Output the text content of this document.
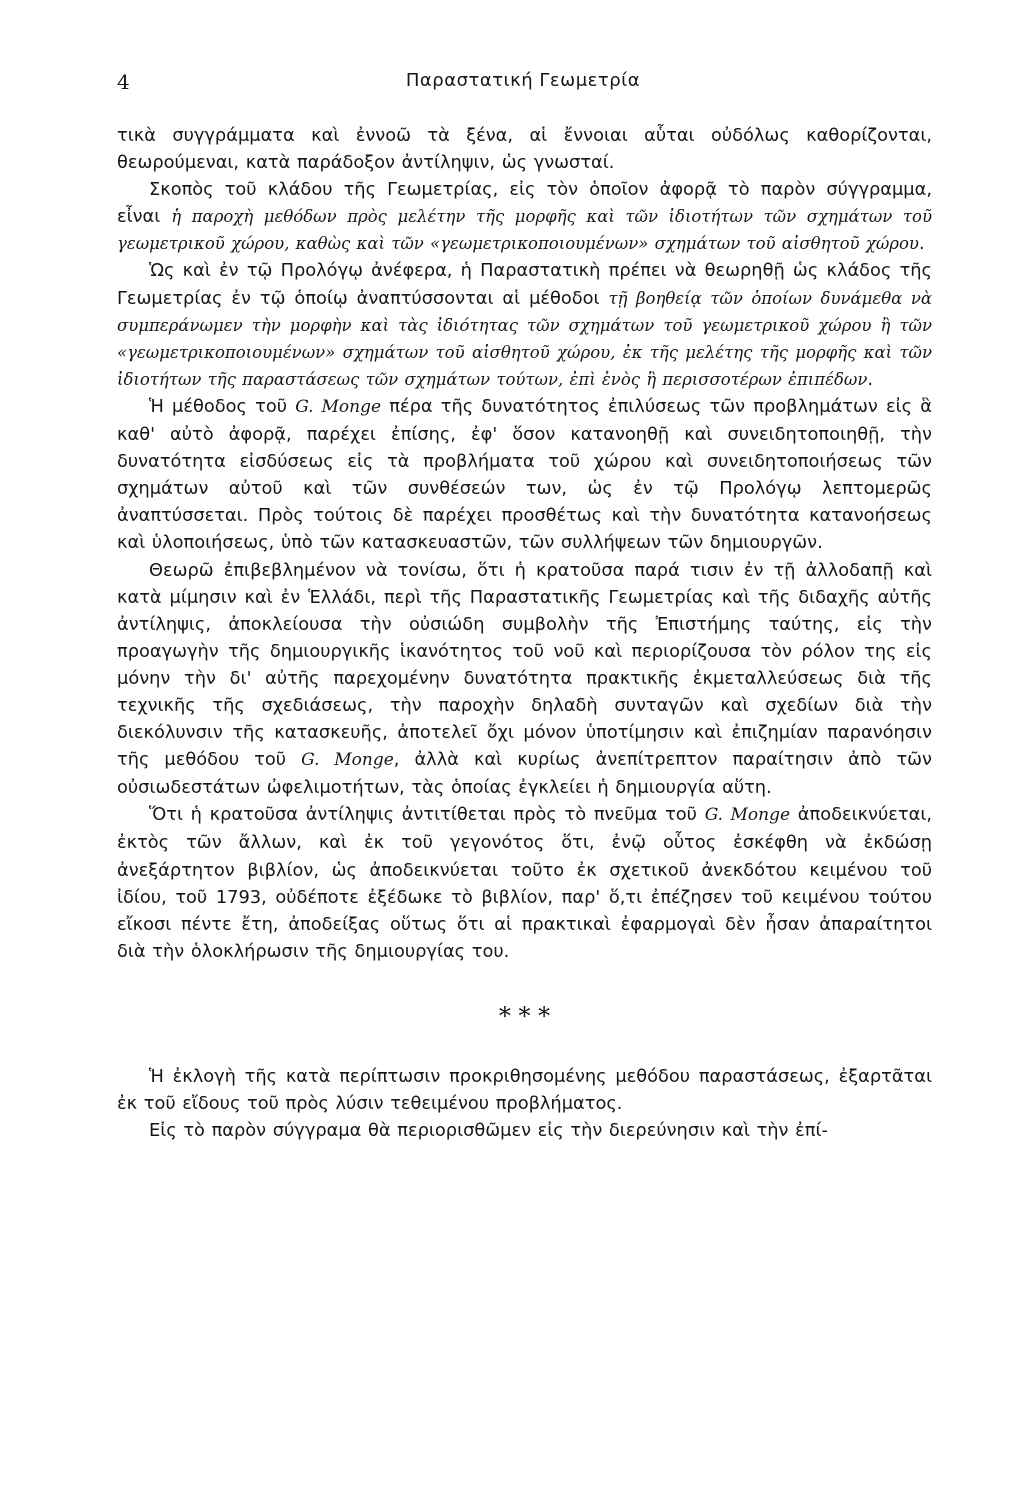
4	Παραστατική Γεωμετρία

τικὰ συγγράμματα καὶ ἐννοῶ τὰ ξένα, αἱ ἔννοιαι αὗται οὐδόλως καθορίζονται, θεωρούμεναι, κατὰ παράδοξον ἀντίληψιν, ὡς γνωσταί.

Σκοπὸς τοῦ κλάδου τῆς Γεωμετρίας, εἰς τὸν ὁποῖον ἀφορᾷ τὸ παρὸν σύγγραμμα, εἶναι ἡ παροχὴ μεθόδων πρὸς μελέτην τῆς μορφῆς καὶ τῶν ἰδιοτήτων τῶν σχημάτων τοῦ γεωμετρικοῦ χώρου, καθὼς καὶ τῶν «γεωμετρικοποιουμένων» σχημάτων τοῦ αἰσθητοῦ χώρου.

Ὡς καὶ ἐν τῷ Προλόγῳ ἀνέφερα, ἡ Παραστατικὴ πρέπει νὰ θεωρηθῇ ὡς κλάδος τῆς Γεωμετρίας ἐν τῷ ὁποίῳ ἀναπτύσσονται αἱ μέθοδοι τῇ βοηθείᾳ τῶν ὁποίων δυνάμεθα νὰ συμπεράνωμεν τὴν μορφὴν καὶ τὰς ἰδιότητας τῶν σχημάτων τοῦ γεωμετρικοῦ χώρου ἢ τῶν «γεωμετρικοποιουμένων» σχημάτων τοῦ αἰσθητοῦ χώρου, ἐκ τῆς μελέτης τῆς μορφῆς καὶ τῶν ἰδιοτήτων τῆς παραστάσεως τῶν σχημάτων τούτων, ἐπὶ ἑνὸς ἢ περισσοτέρων ἐπιπέδων.

Ἡ μέθοδος τοῦ G. Monge πέρα τῆς δυνατότητος ἐπιλύσεως τῶν προβλημάτων εἰς ἃ καθ' αὐτὸ ἀφορᾷ, παρέχει ἐπίσης, ἐφ' ὅσον κατανοηθῇ καὶ συνειδητοποιηθῇ, τὴν δυνατότητα εἰσδύσεως εἰς τὰ προβλήματα τοῦ χώρου καὶ συνειδητοποιήσεως τῶν σχημάτων αὐτοῦ καὶ τῶν συνθέσεών των, ὡς ἐν τῷ Προλόγῳ λεπτομερῶς ἀναπτύσσεται. Πρὸς τούτοις δὲ παρέχει προσθέτως καὶ τὴν δυνατότητα κατανοήσεως καὶ ὑλοποιήσεως, ὑπὸ τῶν κατασκευαστῶν, τῶν συλλήψεων τῶν δημιουργῶν.

Θεωρῶ ἐπιβεβλημένον νὰ τονίσω, ὅτι ἡ κρατοῦσα παρά τισιν ἐν τῇ ἀλλοδαπῇ καὶ κατὰ μίμησιν καὶ ἐν Ἑλλάδι, περὶ τῆς Παραστατικῆς Γεωμετρίας καὶ τῆς διδαχῆς αὐτῆς ἀντίληψις, ἀποκλείουσα τὴν οὐσιώδη συμβολὴν τῆς Ἐπιστήμης ταύτης, εἰς τὴν προαγωγὴν τῆς δημιουργικῆς ἱκανότητος τοῦ νοῦ καὶ περιορίζουσα τὸν ρόλον της εἰς μόνην τὴν δι' αὐτῆς παρεχομένην δυνατότητα πρακτικῆς ἐκμεταλλεύσεως διὰ τῆς τεχνικῆς τῆς σχεδιάσεως, τὴν παροχὴν δηλαδὴ συνταγῶν καὶ σχεδίων διὰ τὴν διεκόλυνσιν τῆς κατασκευῆς, ἀποτελεῖ ὄχι μόνον ὑποτίμησιν καὶ ἐπιζημίαν παρανόησιν τῆς μεθόδου τοῦ G. Monge, ἀλλὰ καὶ κυρίως ἀνεπίτρεπτον παραίτησιν ἀπὸ τῶν οὐσιωδεστάτων ὠφελιμοτήτων, τὰς ὁποίας ἐγκλείει ἡ δημιουργία αὕτη.

Ὅτι ἡ κρατοῦσα ἀντίληψις ἀντιτίθεται πρὸς τὸ πνεῦμα τοῦ G. Monge ἀποδεικνύεται, ἐκτὸς τῶν ἄλλων, καὶ ἐκ τοῦ γεγονότος ὅτι, ἐνῷ οὗτος ἐσκέφθη νὰ ἐκδώσῃ ἀνεξάρτητον βιβλίον, ὡς ἀποδεικνύεται τοῦτο ἐκ σχετικοῦ ἀνεκδότου κειμένου τοῦ ἰδίου, τοῦ 1793, οὐδέποτε ἐξέδωκε τὸ βιβλίον, παρ' ὅ,τι ἐπέζησεν τοῦ κειμένου τούτου εἴκοσι πέντε ἔτη, ἀποδείξας οὕτως ὅτι αἱ πρακτικαὶ ἐφαρμογαὶ δὲν ἦσαν ἀπαραίτητοι διὰ τὴν ὁλοκλήρωσιν τῆς δημιουργίας του.

* * *

Ἡ ἐκλογὴ τῆς κατὰ περίπτωσιν προκριθησομένης μεθόδου παραστάσεως, ἐξαρτᾶται ἐκ τοῦ εἴδους τοῦ πρὸς λύσιν τεθειμένου προβλήματος.

Εἰς τὸ παρὸν σύγγραμα θὰ περιορισθῶμεν εἰς τὴν διερεύνησιν καὶ τὴν ἐπί-
